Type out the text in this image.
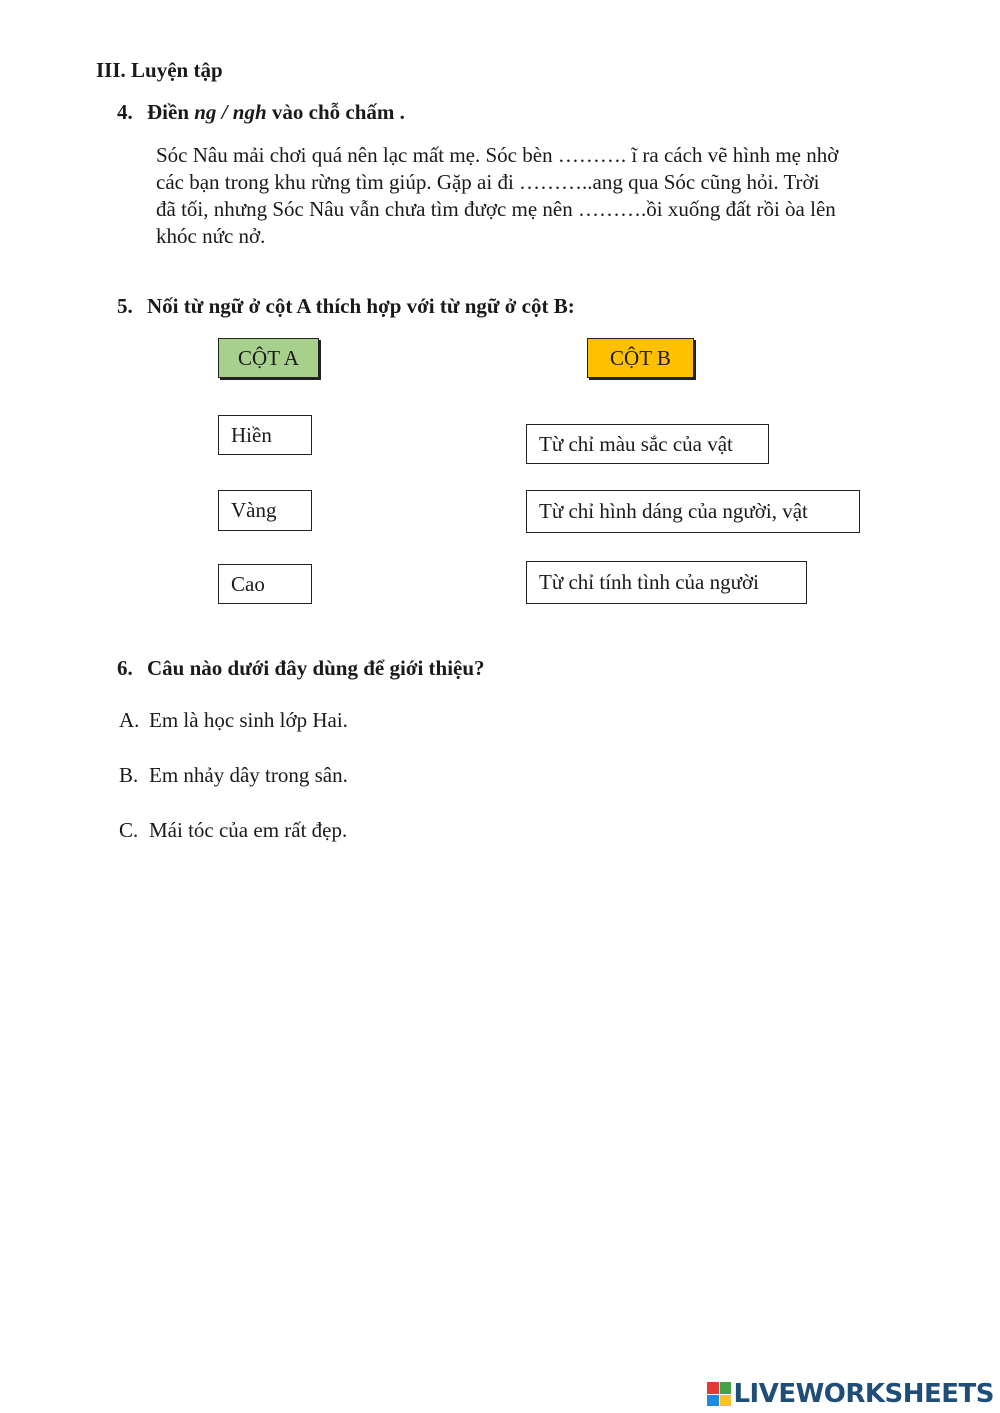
III. Luyện tập
4. Điền ng / ngh vào chỗ chấm .
Sóc Nâu mải chơi quá nên lạc mất mẹ. Sóc bèn ………. ĩ ra cách vẽ hình mẹ nhờ
các bạn trong khu rừng tìm giúp. Gặp ai đi ………..ang qua Sóc cũng hỏi. Trời
đã tối, nhưng Sóc Nâu vẫn chưa tìm được mẹ nên ……….ồi xuống đất rồi òa lên
khóc nức nở.
5. Nối từ ngữ ở cột A thích hợp với từ ngữ ở cột B:
CỘT A	CỘT B
Hiền
Vàng
Cao
Từ chỉ màu sắc của vật
Từ chỉ hình dáng của người, vật
Từ chỉ tính tình của người
6. Câu nào dưới đây dùng để giới thiệu?
A. Em là học sinh lớp Hai.
B. Em nhảy dây trong sân.
C. Mái tóc của em rất đẹp.
LIVEWORKSHEETS
